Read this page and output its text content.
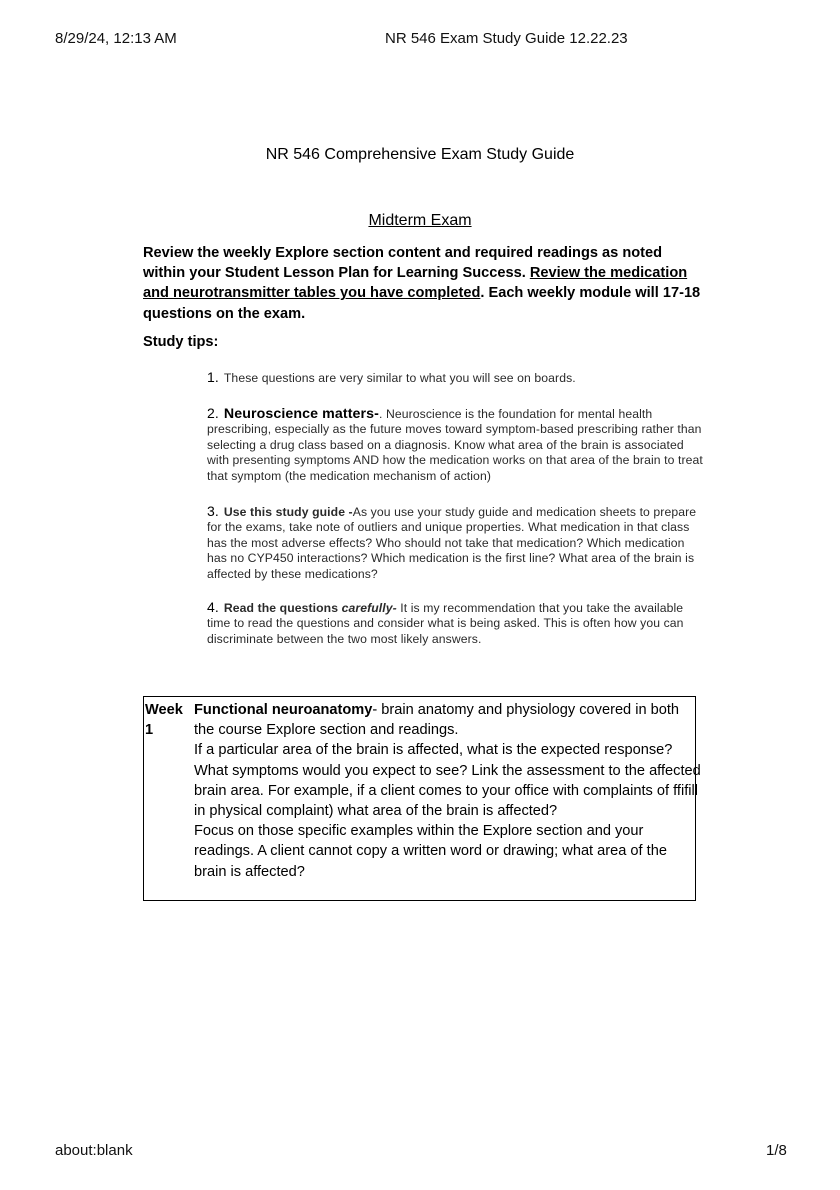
8/29/24, 12:13 AM	NR 546 Exam Study Guide 12.22.23
NR 546 Comprehensive Exam Study Guide
Midterm Exam
Review the weekly Explore section content and required readings as noted within your Student Lesson Plan for Learning Success. Review the medication and neurotransmitter tables you have completed. Each weekly module will 17-18 questions on the exam.
Study tips:
1. These questions are very similar to what you will see on boards.
2. Neuroscience matters-. Neuroscience is the foundation for mental health prescribing, especially as the future moves toward symptom-based prescribing rather than selecting a drug class based on a diagnosis. Know what area of the brain is associated with presenting symptoms AND how the medication works on that area of the brain to treat that symptom (the medication mechanism of action)
3. Use this study guide -As you use your study guide and medication sheets to prepare for the exams, take note of outliers and unique properties. What medication in that class has the most adverse effects? Who should not take that medication? Which medication has no CYP450 interactions? Which medication is the first line? What area of the brain is affected by these medications?
4. Read the questions carefully- It is my recommendation that you take the available time to read the questions and consider what is being asked. This is often how you can discriminate between the two most likely answers.
Week 1

Functional neuroanatomy- brain anatomy and physiology covered in both the course Explore section and readings.

If a particular area of the brain is affected, what is the expected response?

What symptoms would you expect to see? Link the assessment to the affected brain area. For example, if a client comes to your office with complaints of ffifill in physical complaint) what area of the brain is affected?

Focus on those specific examples within the Explore section and your readings. A client cannot copy a written word or drawing; what area of the brain is affected?

about:blank	1/8
